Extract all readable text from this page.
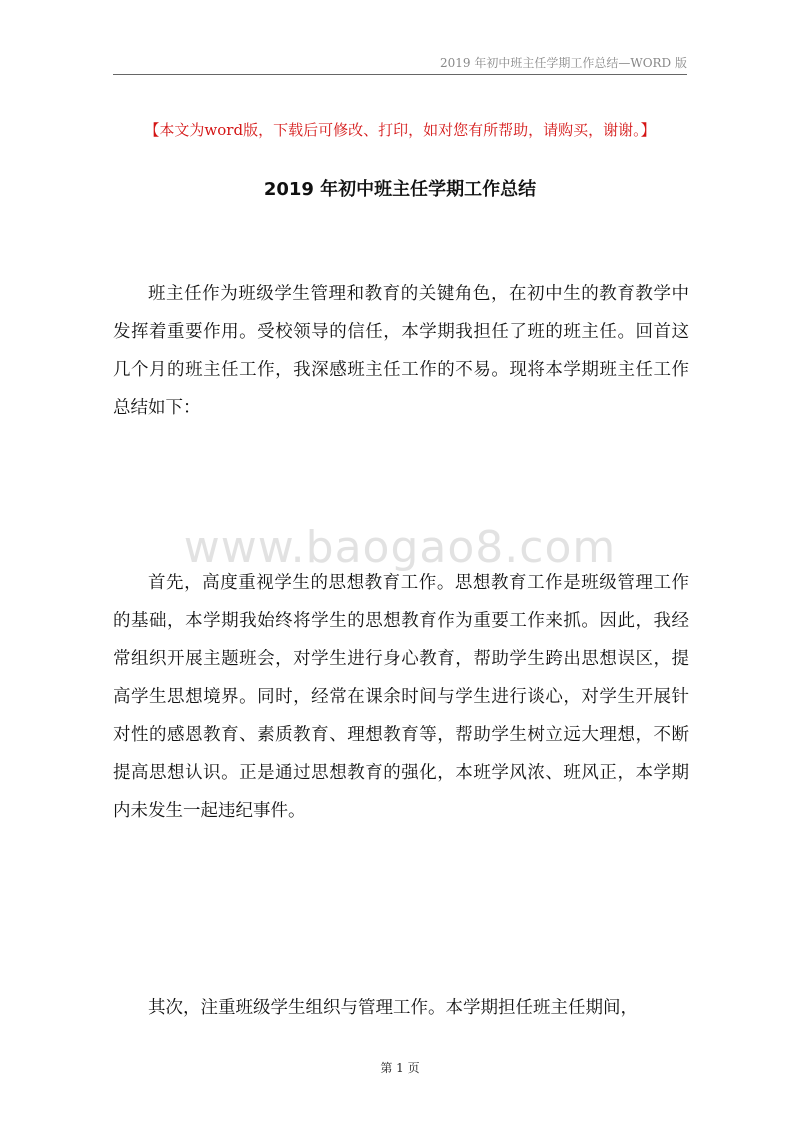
2019 年初中班主任学期工作总结—WORD 版
【本文为word版，下载后可修改、打印，如对您有所帮助，请购买，谢谢。】
2019 年初中班主任学期工作总结

班主任作为班级学生管理和教育的关键角色，在初中生的教育教学中发挥着重要作用。受校领导的信任，本学期我担任了班的班主任。回首这几个月的班主任工作，我深感班主任工作的不易。现将本学期班主任工作总结如下：

www.baogao8.com

首先，高度重视学生的思想教育工作。思想教育工作是班级管理工作的基础，本学期我始终将学生的思想教育作为重要工作来抓。因此，我经常组织开展主题班会，对学生进行身心教育，帮助学生跨出思想误区，提高学生思想境界。同时，经常在课余时间与学生进行谈心，对学生开展针对性的感恩教育、素质教育、理想教育等，帮助学生树立远大理想，不断提高思想认识。正是通过思想教育的强化，本班学风浓、班风正，本学期内未发生一起违纪事件。

其次，注重班级学生组织与管理工作。本学期担任班主任期间，

第 1 页
